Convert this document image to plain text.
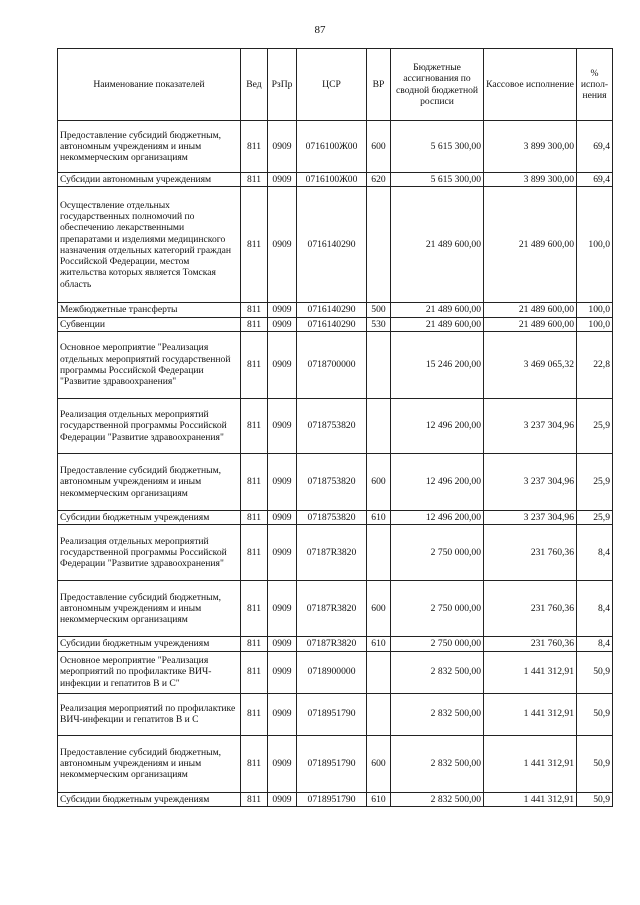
87
Наименование показателей	Вед	РзПр	ЦСР	ВР	Бюджетные ассигнования по сводной бюджетной росписи	Кассовое исполнение	% испол-нения
Предоставление субсидий бюджетным, автономным учреждениям и иным некоммерческим организациям	811	0909	0716100Ж00	600	5 615 300,00	3 899 300,00	69,4
Субсидии автономным учреждениям	811	0909	0716100Ж00	620	5 615 300,00	3 899 300,00	69,4
Осуществление отдельных государственных полномочий по обеспечению лекарственными препаратами и изделиями медицинского назначения отдельных категорий граждан Российской Федерации, местом жительства которых является Томская область	811	0909	0716140290		21 489 600,00	21 489 600,00	100,0
Межбюджетные трансферты	811	0909	0716140290	500	21 489 600,00	21 489 600,00	100,0
Субвенции	811	0909	0716140290	530	21 489 600,00	21 489 600,00	100,0
Основное мероприятие "Реализация отдельных мероприятий государственной программы Российской Федерации "Развитие здравоохранения"	811	0909	0718700000		15 246 200,00	3 469 065,32	22,8
Реализация отдельных мероприятий государственной программы Российской Федерации "Развитие здравоохранения"	811	0909	0718753820		12 496 200,00	3 237 304,96	25,9
Предоставление субсидий бюджетным, автономным учреждениям и иным некоммерческим организациям	811	0909	0718753820	600	12 496 200,00	3 237 304,96	25,9
Субсидии бюджетным учреждениям	811	0909	0718753820	610	12 496 200,00	3 237 304,96	25,9
Реализация отдельных мероприятий государственной программы Российской Федерации "Развитие здравоохранения"	811	0909	07187R3820		2 750 000,00	231 760,36	8,4
Предоставление субсидий бюджетным, автономным учреждениям и иным некоммерческим организациям	811	0909	07187R3820	600	2 750 000,00	231 760,36	8,4
Субсидии бюджетным учреждениям	811	0909	07187R3820	610	2 750 000,00	231 760,36	8,4
Основное мероприятие "Реализация мероприятий по профилактике ВИЧ-инфекции и гепатитов В и С"	811	0909	0718900000		2 832 500,00	1 441 312,91	50,9
Реализация мероприятий по профилактике ВИЧ-инфекции и гепатитов В и С	811	0909	0718951790		2 832 500,00	1 441 312,91	50,9
Предоставление субсидий бюджетным, автономным учреждениям и иным некоммерческим организациям	811	0909	0718951790	600	2 832 500,00	1 441 312,91	50,9
Субсидии бюджетным учреждениям	811	0909	0718951790	610	2 832 500,00	1 441 312,91	50,9
